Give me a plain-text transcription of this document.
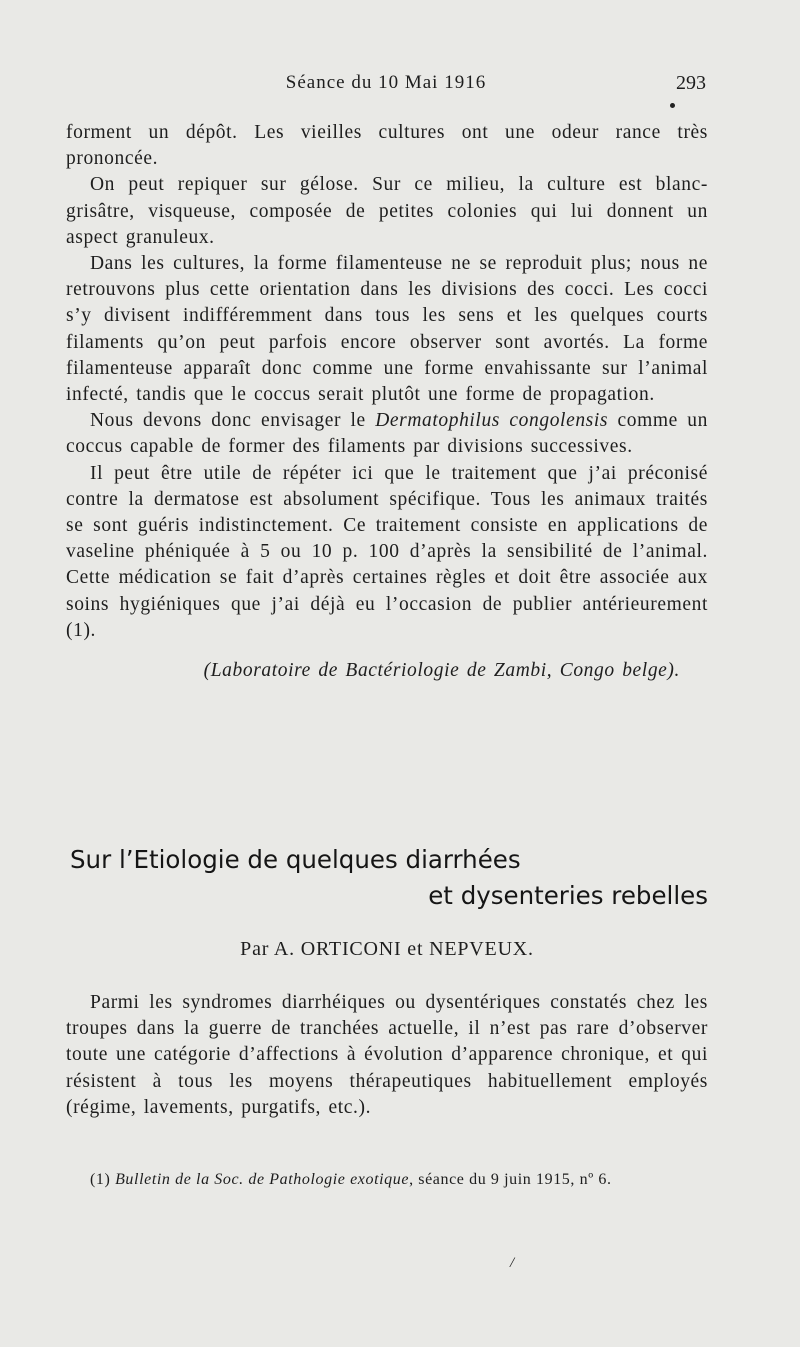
Séance du 10 Mai 1916	293

forment un dépôt. Les vieilles cultures ont une odeur rance très prononcée.

On peut repiquer sur gélose. Sur ce milieu, la culture est blanc-grisâtre, visqueuse, composée de petites colonies qui lui donnent un aspect granuleux.

Dans les cultures, la forme filamenteuse ne se reproduit plus; nous ne retrouvons plus cette orientation dans les divisions des cocci. Les cocci s’y divisent indifféremment dans tous les sens et les quelques courts filaments qu’on peut parfois encore observer sont avortés. La forme filamenteuse apparaît donc comme une forme envahissante sur l’animal infecté, tandis que le coccus serait plutôt une forme de propagation.

Nous devons donc envisager le Dermatophilus congolensis comme un coccus capable de former des filaments par divisions successives.

Il peut être utile de répéter ici que le traitement que j’ai préconisé contre la dermatose est absolument spécifique. Tous les animaux traités se sont guéris indistinctement. Ce traitement consiste en applications de vaseline phéniquée à 5 ou 10 p. 100 d’après la sensibilité de l’animal. Cette médication se fait d’après certaines règles et doit être associée aux soins hygiéniques que j’ai déjà eu l’occasion de publier antérieurement (1).

(Laboratoire de Bactériologie de Zambi, Congo belge).

Sur l’Etiologie de quelques diarrhées
et dysenteries rebelles
Par A. ORTICONI et NEPVEUX.

Parmi les syndromes diarrhéiques ou dysentériques constatés chez les troupes dans la guerre de tranchées actuelle, il n’est pas rare d’observer toute une catégorie d’affections à évolution d’apparence chronique, et qui résistent à tous les moyens thérapeutiques habituellement employés (régime, lavements, purgatifs, etc.).

(1) Bulletin de la Soc. de Pathologie exotique, séance du 9 juin 1915, nº 6.
/
